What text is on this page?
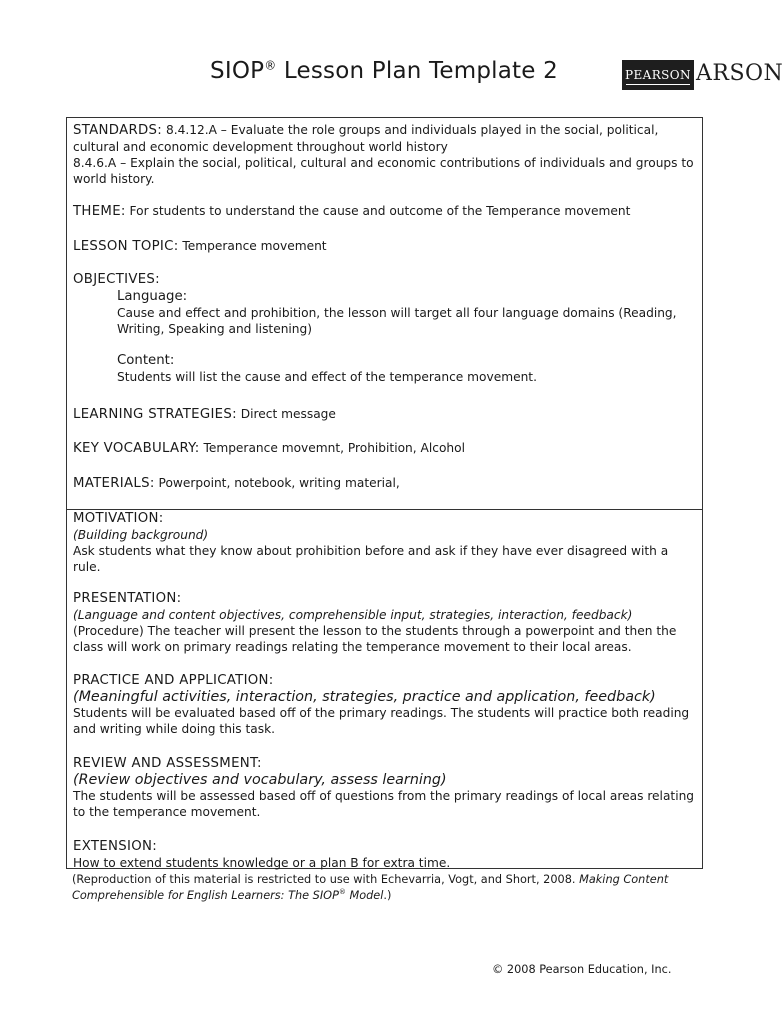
SIOP® Lesson Plan Template 2	PEARSON ARSON
STANDARDS: 8.4.12.A – Evaluate the role groups and individuals played in the social, political, cultural and economic development throughout world history
8.4.6.A – Explain the social, political, cultural and economic contributions of individuals and groups to world history.
THEME: For students to understand the cause and outcome of the Temperance movement
LESSON TOPIC: Temperance movement
OBJECTIVES:
Language:
Cause and effect and prohibition, the lesson will target all four language domains (Reading, Writing, Speaking and listening)
Content:
Students will list the cause and effect of the temperance movement.
LEARNING STRATEGIES: Direct message
KEY VOCABULARY: Temperance movemnt, Prohibition, Alcohol
MATERIALS: Powerpoint, notebook, writing material,
MOTIVATION:
(Building background)
Ask students what they know about prohibition before and ask if they have ever disagreed with a rule.
PRESENTATION:
(Language and content objectives, comprehensible input, strategies, interaction, feedback)
(Procedure) The teacher will present the lesson to the students through a powerpoint and then the class will work on primary readings relating the temperance movement to their local areas.
PRACTICE AND APPLICATION:
(Meaningful activities, interaction, strategies, practice and application, feedback)
Students will be evaluated based off of the primary readings. The students will practice both reading and writing while doing this task.
REVIEW AND ASSESSMENT:
(Review objectives and vocabulary, assess learning)
The students will be assessed based off of questions from the primary readings of local areas relating to the temperance movement.
EXTENSION:
How to extend students knowledge or a plan B for extra time.
(Reproduction of this material is restricted to use with Echevarria, Vogt, and Short, 2008. Making Content Comprehensible for English Learners: The SIOP® Model.)
© 2008 Pearson Education, Inc.
